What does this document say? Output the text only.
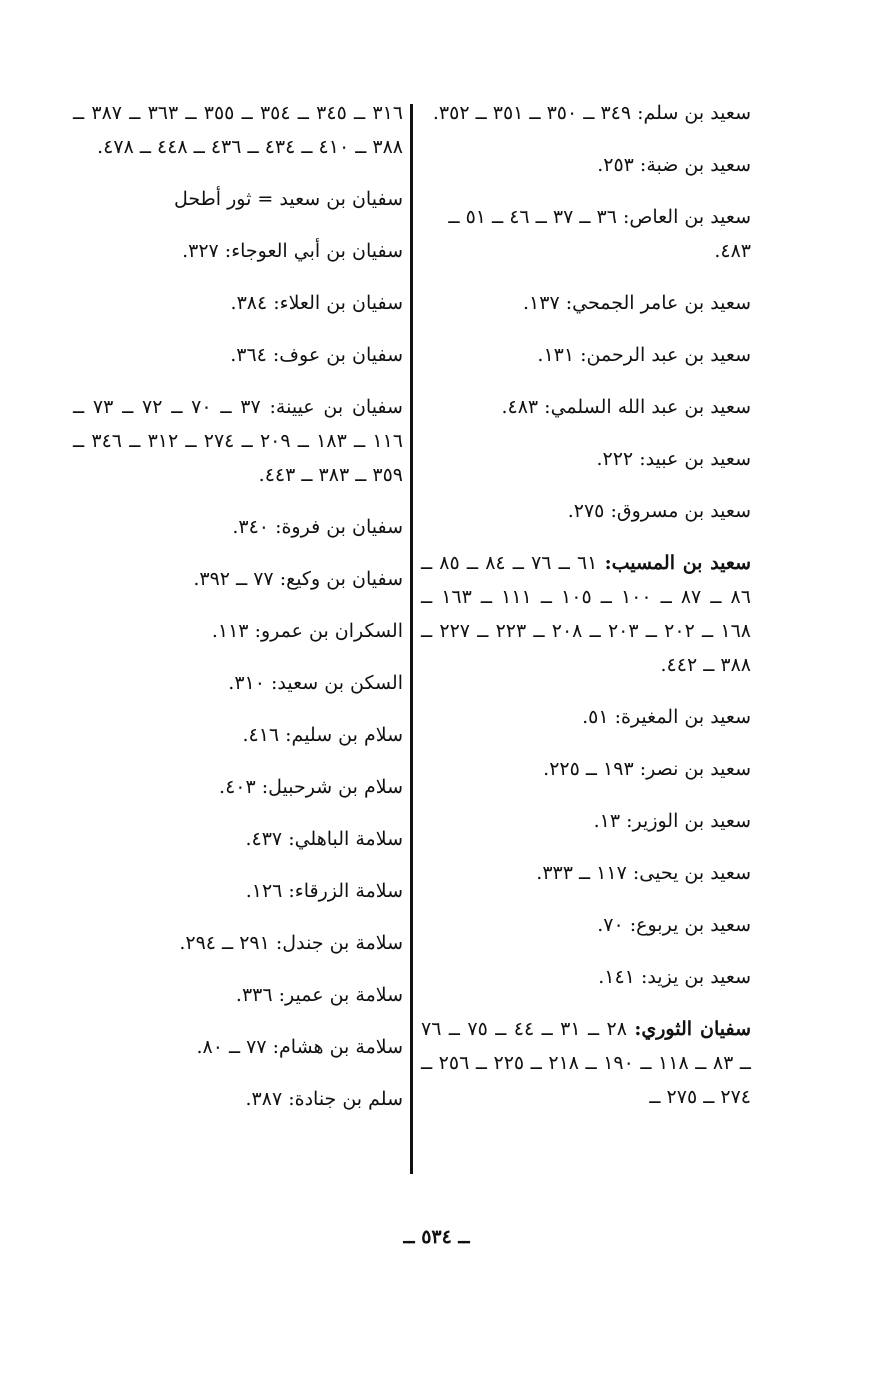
سعيد بن سلم: ٣٤٩ ــ ٣٥٠ ــ ٣٥١ ــ ٣٥٢.
سعيد بن ضبة: ٢٥٣.
سعيد بن العاص: ٣٦ ــ ٣٧ ــ ٤٦ ــ ٥١ ــ ٤٨٣.
سعيد بن عامر الجمحي: ١٣٧.
سعيد بن عبد الرحمن: ١٣١.
سعيد بن عبد الله السلمي: ٤٨٣.
سعيد بن عبيد: ٢٢٢.
سعيد بن مسروق: ٢٧٥.
سعيد بن المسيب: ٦١ ــ ٧٦ ــ ٨٤ ــ ٨٥ ــ ٨٦ ــ ٨٧ ــ ١٠٠ ــ ١٠٥ ــ ١١١ ــ ١٦٣ ــ ١٦٨ ــ ٢٠٢ ــ ٢٠٣ ــ ٢٠٨ ــ ٢٢٣ ــ ٢٢٧ ــ ٣٨٨ ــ ٤٤٢.
سعيد بن المغيرة: ٥١.
سعيد بن نصر: ١٩٣ ــ ٢٢٥.
سعيد بن الوزير: ١٣.
سعيد بن يحيى: ١١٧ ــ ٣٣٣.
سعيد بن يربوع: ٧٠.
سعيد بن يزيد: ١٤١.
سفيان الثوري: ٢٨ ــ ٣١ ــ ٤٤ ــ ٧٥ ــ ٧٦ ــ ٨٣ ــ ١١٨ ــ ١٩٠ ــ ٢١٨ ــ ٢٢٥ ــ ٢٥٦ ــ ٢٧٤ ــ ٢٧٥ ــ
٣١٦ ــ ٣٤٥ ــ ٣٥٤ ــ ٣٥٥ ــ ٣٦٣ ــ ٣٨٧ ــ ٣٨٨ ــ ٤١٠ ــ ٤٣٤ ــ ٤٣٦ ــ ٤٤٨ ــ ٤٧٨.
سفيان بن سعيد = ثور أطحل
سفيان بن أبي العوجاء: ٣٢٧.
سفيان بن العلاء: ٣٨٤.
سفيان بن عوف: ٣٦٤.
سفيان بن عيينة: ٣٧ ــ ٧٠ ــ ٧٢ ــ ٧٣ ــ ١١٦ ــ ١٨٣ ــ ٢٠٩ ــ ٢٧٤ ــ ٣١٢ ــ ٣٤٦ ــ ٣٥٩ ــ ٣٨٣ ــ ٤٤٣.
سفيان بن فروة: ٣٤٠.
سفيان بن وكيع: ٧٧ ــ ٣٩٢.
السكران بن عمرو: ١١٣.
السكن بن سعيد: ٣١٠.
سلام بن سليم: ٤١٦.
سلام بن شرحبيل: ٤٠٣.
سلامة الباهلي: ٤٣٧.
سلامة الزرقاء: ١٢٦.
سلامة بن جندل: ٢٩١ ــ ٢٩٤.
سلامة بن عمير: ٣٣٦.
سلامة بن هشام: ٧٧ ــ ٨٠.
سلم بن جنادة: ٣٨٧.
ــ ٥٣٤ ــ
